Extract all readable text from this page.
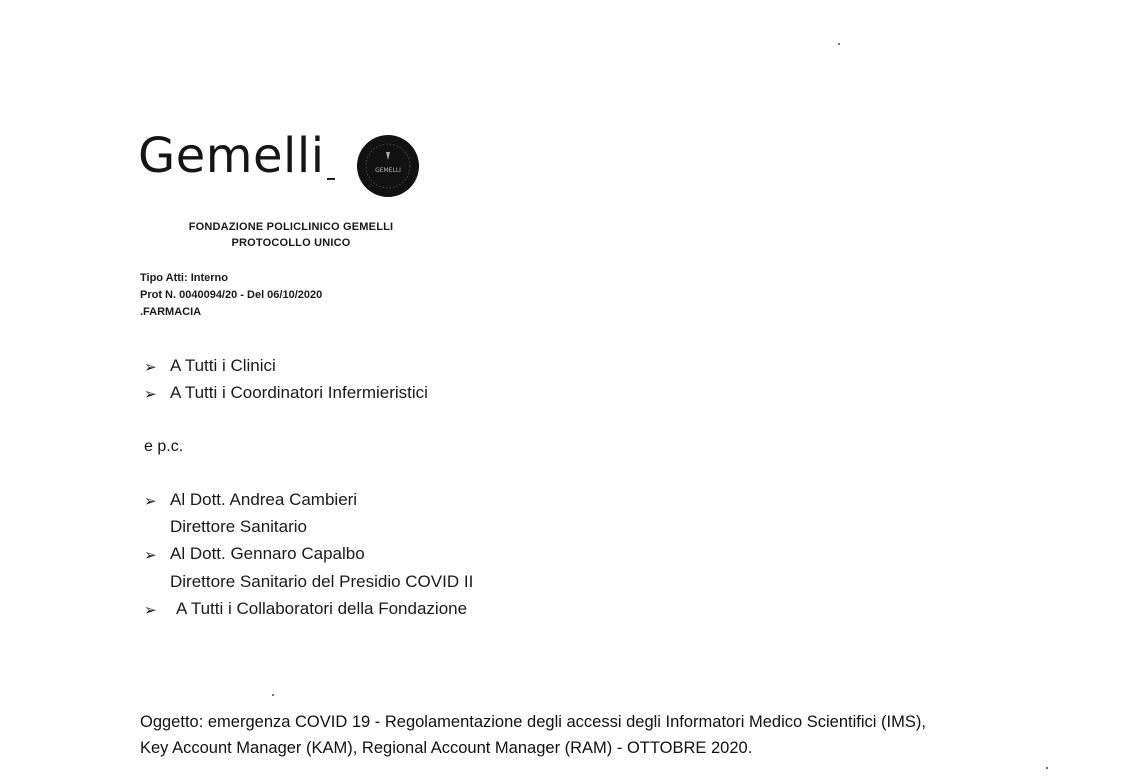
Gemelli	GEMELLI
FONDAZIONE POLICLINICO GEMELLI
PROTOCOLLO UNICO
Tipo Atti: Interno
Prot N. 0040094/20 - Del 06/10/2020
.FARMACIA
➢ A Tutti i Clinici
➢ A Tutti i Coordinatori Infermieristici
e p.c.
➢ Al Dott. Andrea Cambieri
Direttore Sanitario
➢ Al Dott. Gennaro Capalbo
Direttore Sanitario del Presidio COVID II
➢ A Tutti i Collaboratori della Fondazione
Oggetto: emergenza COVID 19 - Regolamentazione degli accessi degli Informatori Medico Scientifici (IMS),
Key Account Manager (KAM), Regional Account Manager (RAM) - OTTOBRE 2020.
